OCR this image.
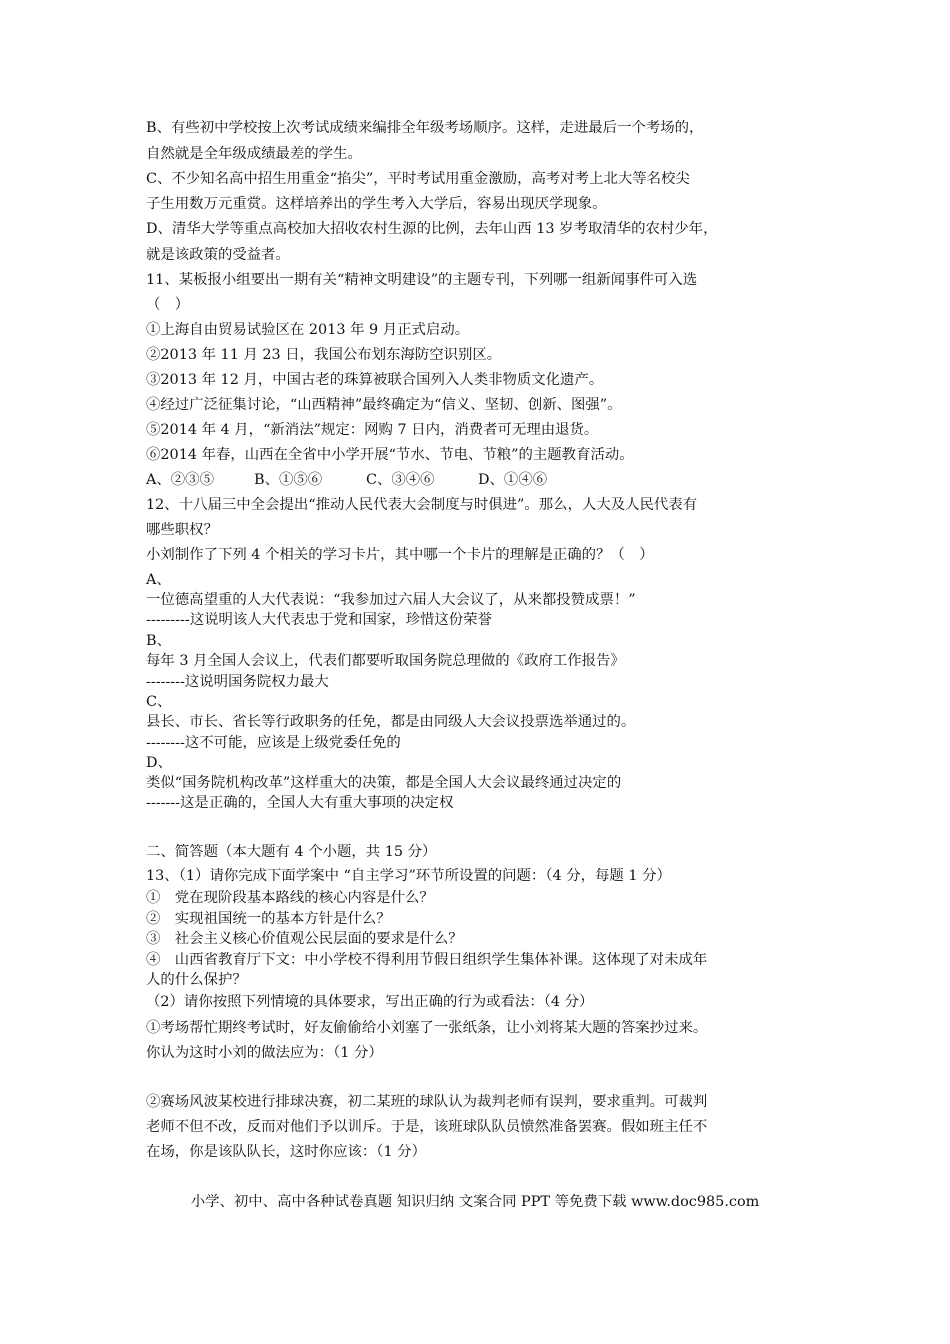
B、有些初中学校按上次考试成绩来编排全年级考场顺序。这样，走进最后一个考场的，
自然就是全年级成绩最差的学生。
C、不少知名高中招生用重金“掐尖”，平时考试用重金激励，高考对考上北大等名校尖
子生用数万元重赏。这样培养出的学生考入大学后，容易出现厌学现象。
D、清华大学等重点高校加大招收农村生源的比例，去年山西 13 岁考取清华的农村少年，
就是该政策的受益者。
11、某板报小组要出一期有关“精神文明建设”的主题专刊，下列哪一组新闻事件可入选
（　）
①上海自由贸易试验区在 2013 年 9 月正式启动。
②2013 年 11 月 23 日，我国公布划东海防空识别区。
③2013 年 12 月，中国古老的珠算被联合国列入人类非物质文化遗产。
④经过广泛征集讨论，“山西精神”最终确定为“信义、坚韧、创新、图强”。
⑤2014 年 4 月，“新消法”规定：网购 7 日内，消费者可无理由退货。
⑥2014 年春，山西在全省中小学开展“节水、节电、节粮”的主题教育活动。
A、②③⑤	B、①⑤⑥	C、③④⑥	D、①④⑥
12、十八届三中全会提出“推动人民代表大会制度与时俱进”。那么，人大及人民代表有
哪些职权？
小刘制作了下列 4 个相关的学习卡片，其中哪一个卡片的理解是正确的？（　）
A、
一位德高望重的人大代表说：“我参加过六届人大会议了，从来都投赞成票！”
---------这说明该人大代表忠于党和国家，珍惜这份荣誉
B、
每年 3 月全国人会议上，代表们都要听取国务院总理做的《政府工作报告》
--------这说明国务院权力最大
C、
县长、市长、省长等行政职务的任免，都是由同级人大会议投票选举通过的。
--------这不可能，应该是上级党委任免的
D、
类似“国务院机构改革”这样重大的决策，都是全国人大会议最终通过决定的
-------这是正确的，全国人大有重大事项的决定权
二、简答题（本大题有 4 个小题，共 15 分）
13、（1）请你完成下面学案中 “自主学习”环节所设置的问题：（4 分，每题 1 分）
①　党在现阶段基本路线的核心内容是什么？
②　实现祖国统一的基本方针是什么？
③　社会主义核心价值观公民层面的要求是什么？
④　山西省教育厅下文：中小学校不得利用节假日组织学生集体补课。这体现了对未成年
人的什么保护？
（2）请你按照下列情境的具体要求，写出正确的行为或看法：（4 分）
①考场帮忙期终考试时，好友偷偷给小刘塞了一张纸条，让小刘将某大题的答案抄过来。
你认为这时小刘的做法应为：（1 分）
②赛场风波某校进行排球决赛，初二某班的球队认为裁判老师有误判，要求重判。可裁判
老师不但不改，反而对他们予以训斥。于是，该班球队队员愤然准备罢赛。假如班主任不
在场，你是该队队长，这时你应该：（1 分）
小学、初中、高中各种试卷真题 知识归纳 文案合同 PPT 等免费下载 www.doc985.com
